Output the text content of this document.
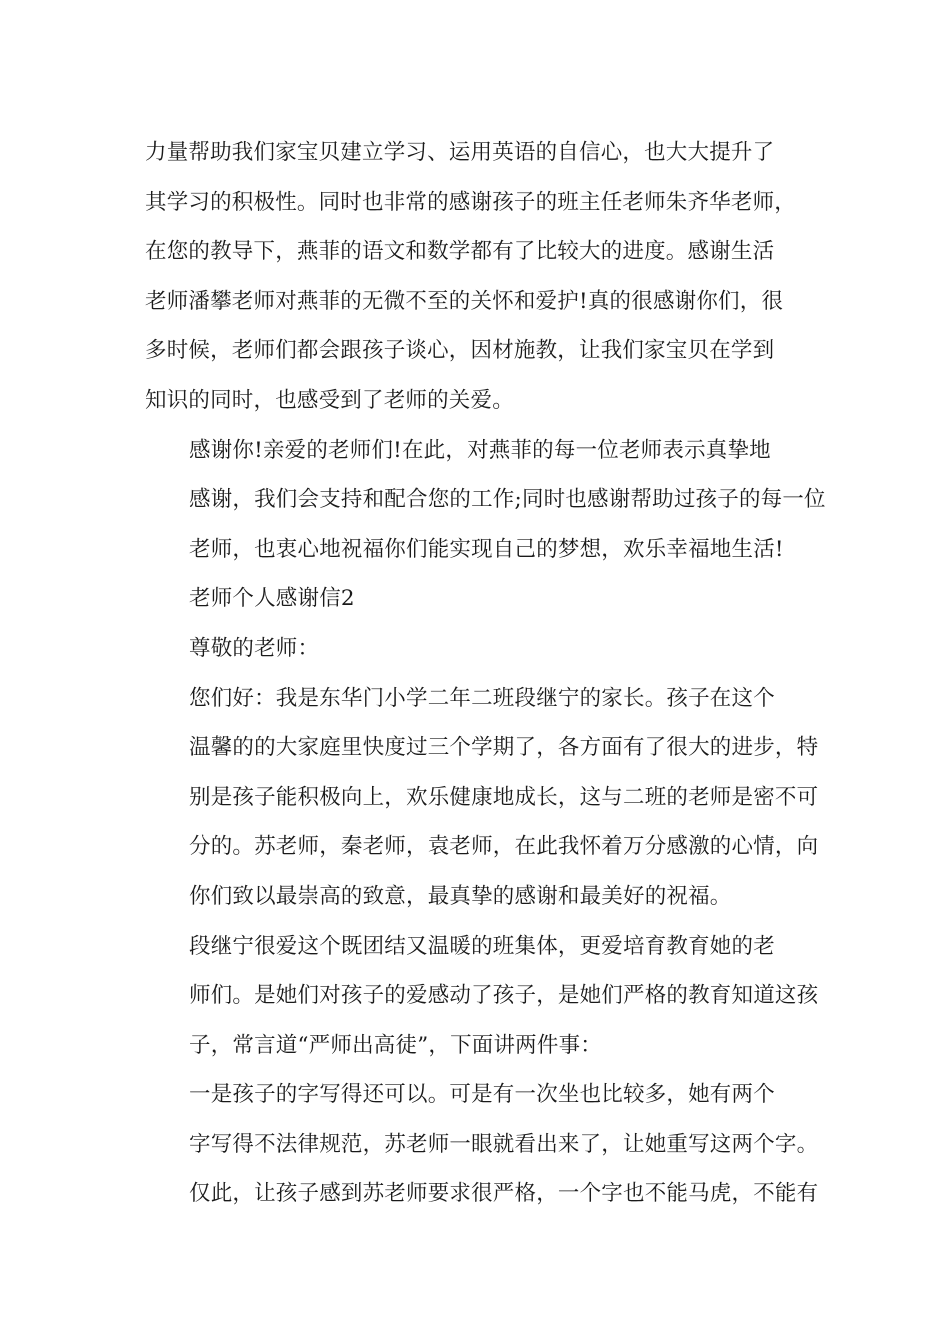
力量帮助我们家宝贝建立学习、运用英语的自信心，也大大提升了
其学习的积极性。同时也非常的感谢孩子的班主任老师朱齐华老师，
在您的教导下，燕菲的语文和数学都有了比较大的进度。感谢生活
老师潘攀老师对燕菲的无微不至的关怀和爱护!真的很感谢你们，很
多时候，老师们都会跟孩子谈心，因材施教，让我们家宝贝在学到
知识的同时，也感受到了老师的关爱。

感谢你!亲爱的老师们!在此，对燕菲的每一位老师表示真挚地
感谢，我们会支持和配合您的工作;同时也感谢帮助过孩子的每一位
老师，也衷心地祝福你们能实现自己的梦想，欢乐幸福地生活!

老师个人感谢信2

尊敬的老师：

您们好：我是东华门小学二年二班段继宁的家长。孩子在这个
温馨的的大家庭里快度过三个学期了，各方面有了很大的进步，特
别是孩子能积极向上，欢乐健康地成长，这与二班的老师是密不可
分的。苏老师，秦老师，袁老师，在此我怀着万分感激的心情，向
你们致以最崇高的致意，最真挚的感谢和最美好的祝福。

段继宁很爱这个既团结又温暖的班集体，更爱培育教育她的老
师们。是她们对孩子的爱感动了孩子，是她们严格的教育知道这孩
子，常言道“严师出高徒”，下面讲两件事：

一是孩子的字写得还可以。可是有一次坐也比较多，她有两个
字写得不法律规范，苏老师一眼就看出来了，让她重写这两个字。
仅此，让孩子感到苏老师要求很严格，一个字也不能马虎，不能有
